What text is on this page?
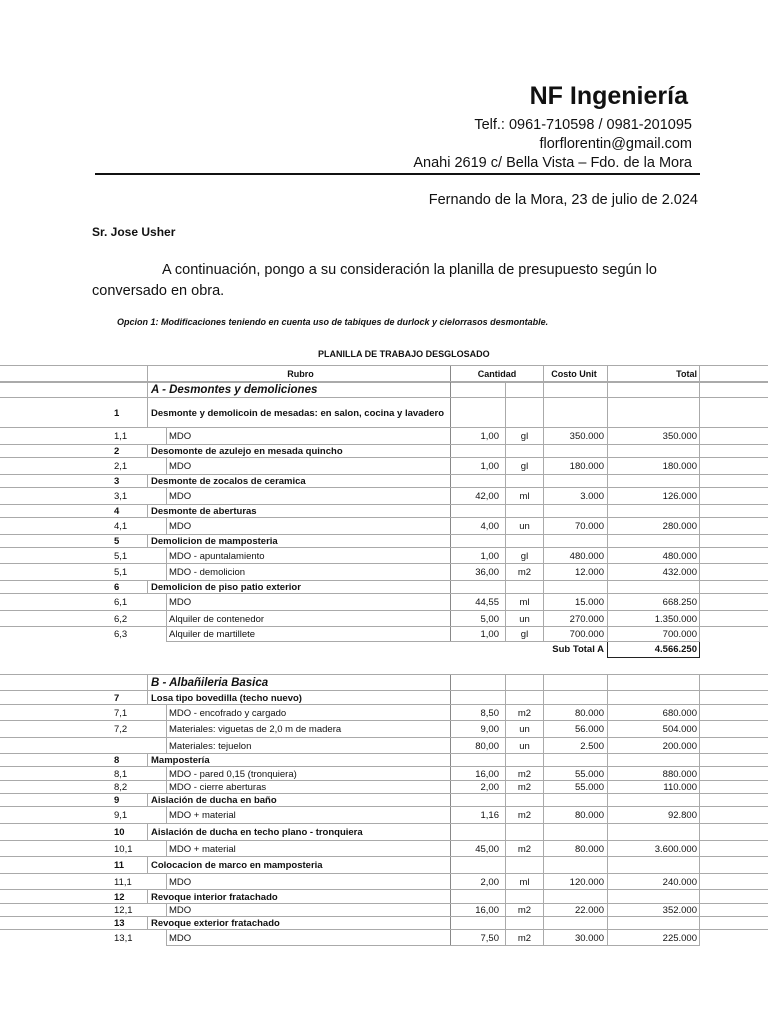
NF Ingeniería
Telf.: 0961-710598 / 0981-201095
florflorentin@gmail.com
Anahi 2619 c/ Bella Vista – Fdo. de la Mora
Fernando de la Mora, 23 de julio de 2.024
Sr. Jose Usher
A continuación, pongo a su consideración la planilla de presupuesto según lo conversado en obra.
Opcion 1: Modificaciones teniendo en cuenta uso de tabiques de durlock y cielorrasos desmontable.
PLANILLA DE TRABAJO DESGLOSADO
Rubro	Cantidad	Costo Unit	Total
A - Desmontes y demoliciones
1	Desmonte y demolicoin de mesadas: en salon, cocina y lavadero
1,1	MDO	1,00	gl	350.000	350.000
2	Desomonte de azulejo en mesada quincho
2,1	MDO	1,00	gl	180.000	180.000
3	Desmonte de zocalos de ceramica
3,1	MDO	42,00	ml	3.000	126.000
4	Desmonte de aberturas
4,1	MDO	4,00	un	70.000	280.000
5	Demolicion de mamposteria
5,1	MDO - apuntalamiento	1,00	gl	480.000	480.000
5,1	MDO - demolicion	36,00	m2	12.000	432.000
6	Demolicion de piso patio exterior
6,1	MDO	44,55	ml	15.000	668.250
6,2	Alquiler de contenedor	5,00	un	270.000	1.350.000
6,3	Alquiler de martillete	1,00	gl	700.000	700.000
Sub Total A	4.566.250
B - Albañileria Basica
7	Losa tipo bovedilla (techo nuevo)
7,1	MDO - encofrado y cargado	8,50	m2	80.000	680.000
7,2	Materiales: viguetas de 2,0 m de madera	9,00	un	56.000	504.000
Materiales: tejuelon	80,00	un	2.500	200.000
8	Mampostería
8,1	MDO - pared 0,15 (tronquiera)	16,00	m2	55.000	880.000
8,2	MDO - cierre aberturas	2,00	m2	55.000	110.000
9	Aislación de ducha en baño
9,1	MDO + material	1,16	m2	80.000	92.800
10	Aislación de ducha en techo plano - tronquiera
10,1	MDO + material	45,00	m2	80.000	3.600.000
11	Colocacion de marco en mamposteria
11,1	MDO	2,00	ml	120.000	240.000
12	Revoque interior fratachado
12,1	MDO	16,00	m2	22.000	352.000
13	Revoque exterior fratachado
13,1	MDO	7,50	m2	30.000	225.000
